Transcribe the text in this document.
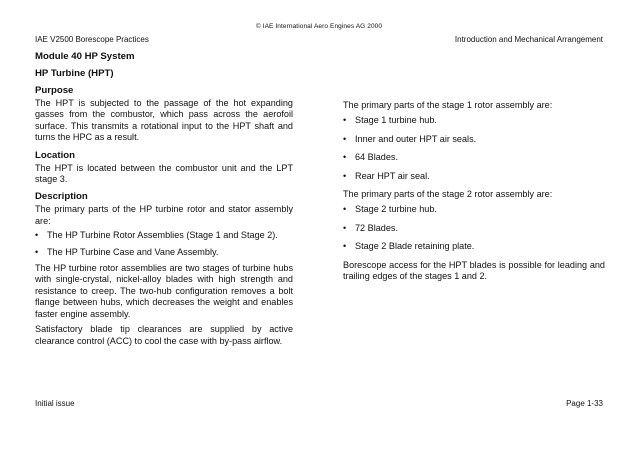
© IAE International Aero Engines AG 2000
IAE V2500 Borescope Practices	Introduction and Mechanical Arrangement

Module 40 HP System

HP Turbine (HPT)

Purpose

The HPT is subjected to the passage of the hot expanding gasses from the combustor, which pass across the aerofoil surface. This transmits a rotational input to the HPT shaft and turns the HPC as a result.

Location

The HPT is located between the combustor unit and the LPT stage 3.

Description

The primary parts of the HP turbine rotor and stator assembly are:

• The HP Turbine Rotor Assemblies (Stage 1 and Stage 2).
• The HP Turbine Case and Vane Assembly.

The HP turbine rotor assemblies are two stages of turbine hubs with single-crystal, nickel-alloy blades with high strength and resistance to creep. The two-hub configuration removes a bolt flange between hubs, which decreases the weight and enables faster engine assembly.

Satisfactory blade tip clearances are supplied by active clearance control (ACC) to cool the case with by-pass airflow.

The primary parts of the stage 1 rotor assembly are:

• Stage 1 turbine hub.
• Inner and outer HPT air seals.
• 64 Blades.
• Rear HPT air seal.

The primary parts of the stage 2 rotor assembly are:

• Stage 2 turbine hub.
• 72 Blades.
• Stage 2 Blade retaining plate.

Borescope access for the HPT blades is possible for leading and trailing edges of the stages 1 and 2.

Initial issue	Page 1-33
